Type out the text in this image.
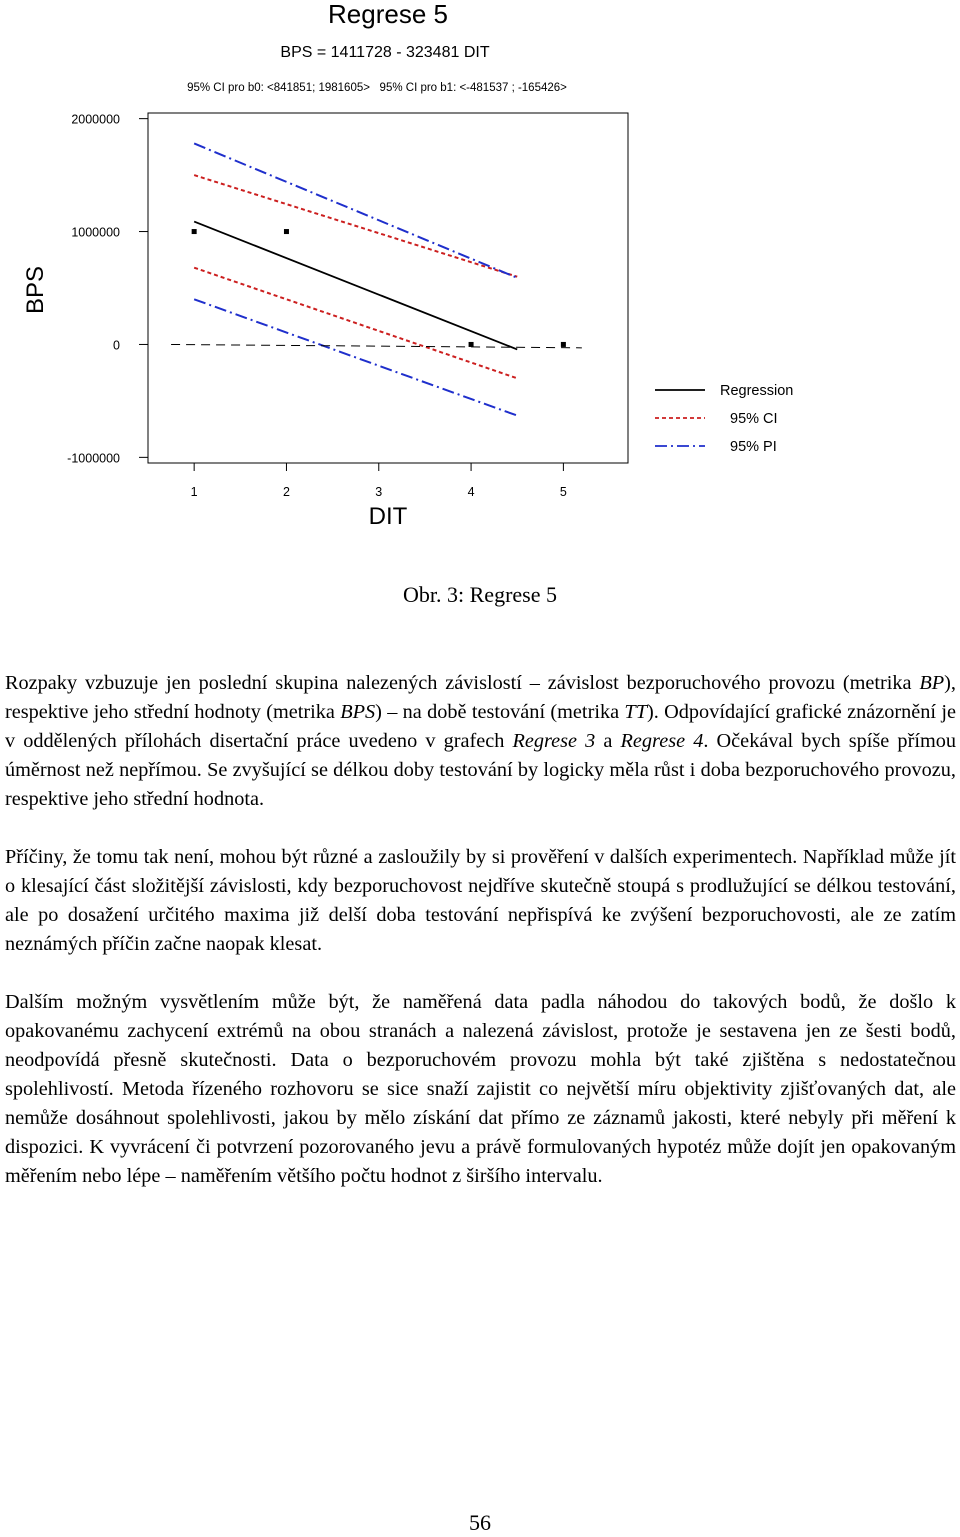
Regrese 5
BPS = 1411728 - 323481 DIT
95% CI pro b0: <841851; 1981605>   95% CI pro b1: <-481537 ; -165426>
2000000
1000000
0
-1000000
1	2	3	4	5
BPS
DIT
Regression
95% CI
95% PI
Obr. 3: Regrese 5

Rozpaky vzbuzuje jen poslední skupina nalezených závislostí – závislost bezporuchového provozu (metrika BP), respektive jeho střední hodnoty (metrika BPS) – na době testování (metrika TT). Odpovídající grafické znázornění je v oddělených přílohách disertační práce uvedeno v grafech Regrese 3 a Regrese 4. Očekával bych spíše přímou úměrnost než nepřímou. Se zvyšující se délkou doby testování by logicky měla růst i doba bezporuchového provozu, respektive jeho střední hodnota.

Příčiny, že tomu tak není, mohou být různé a zasloužily by si prověření v dalších experimentech. Například může jít o klesající část složitější závislosti, kdy bezporuchovost nejdříve skutečně stoupá s prodlužující se délkou testování, ale po dosažení určitého maxima již delší doba testování nepřispívá ke zvýšení bezporuchovosti, ale ze zatím neznámých příčin začne naopak klesat.

Dalším možným vysvětlením může být, že naměřená data padla náhodou do takových bodů, že došlo k opakovanému zachycení extrémů na obou stranách a nalezená závislost, protože je sestavena jen ze šesti bodů, neodpovídá přesně skutečnosti. Data o bezporuchovém provozu mohla být také zjištěna s nedostatečnou spolehlivostí. Metoda řízeného rozhovoru se sice snaží zajistit co největší míru objektivity zjišťovaných dat, ale nemůže dosáhnout spolehlivosti, jakou by mělo získání dat přímo ze záznamů jakosti, které nebyly při měření k dispozici. K vyvrácení či potvrzení pozorovaného jevu a právě formulovaných hypotéz může dojít jen opakovaným měřením nebo lépe – naměřením většího počtu hodnot z širšího intervalu.

56
